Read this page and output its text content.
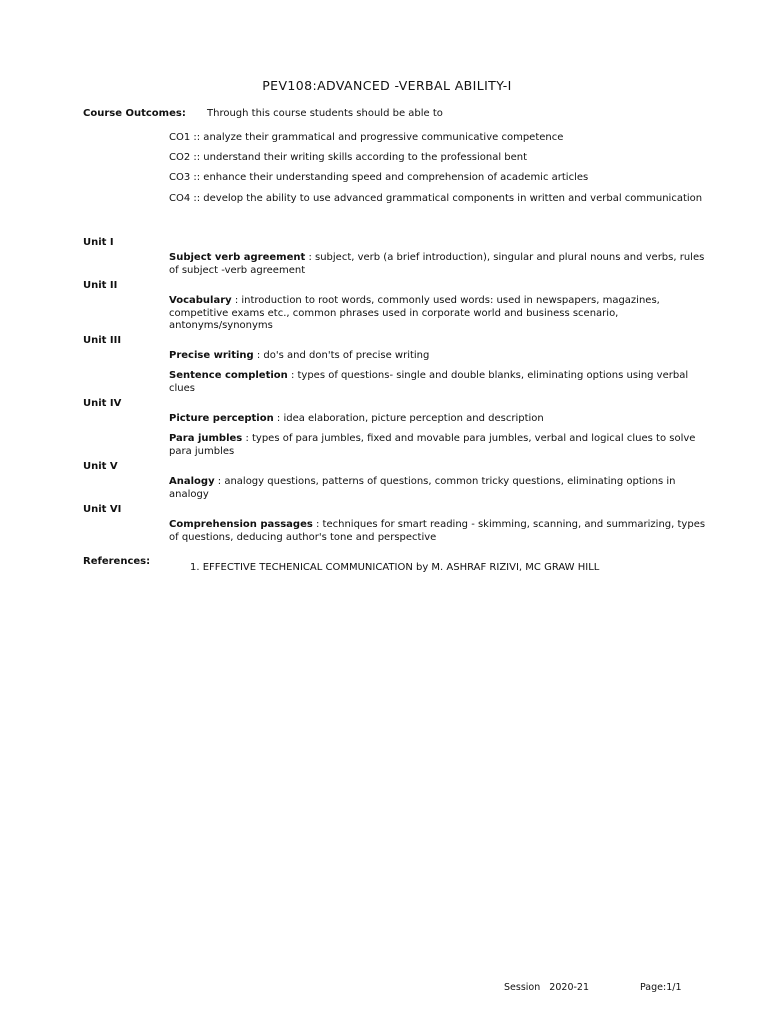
PEV108:ADVANCED -VERBAL ABILITY-I
Course Outcomes: Through this course students should be able to
CO1 :: analyze their grammatical and progressive communicative competence
CO2 :: understand their writing skills according to the professional bent
CO3 :: enhance their understanding speed and comprehension of academic articles
CO4 :: develop the ability to use advanced grammatical components in written and verbal communication
Unit I
Subject verb agreement : subject, verb (a brief introduction), singular and plural nouns and verbs, rules of subject -verb agreement
Unit II
Vocabulary : introduction to root words, commonly used words: used in newspapers, magazines, competitive exams etc., common phrases used in corporate world and business scenario, antonyms/synonyms
Unit III
Precise writing : do's and don'ts of precise writing
Sentence completion : types of questions- single and double blanks, eliminating options using verbal clues
Unit IV
Picture perception : idea elaboration, picture perception and description
Para jumbles : types of para jumbles, fixed and movable para jumbles, verbal and logical clues to solve para jumbles
Unit V
Analogy : analogy questions, patterns of questions, common tricky questions, eliminating options in analogy
Unit VI
Comprehension passages : techniques for smart reading - skimming, scanning, and summarizing, types of questions, deducing author's tone and perspective
References:
1. EFFECTIVE TECHENICAL COMMUNICATION by M. ASHRAF RIZIVI, MC GRAW HILL
Session   2020-21	Page:1/1
